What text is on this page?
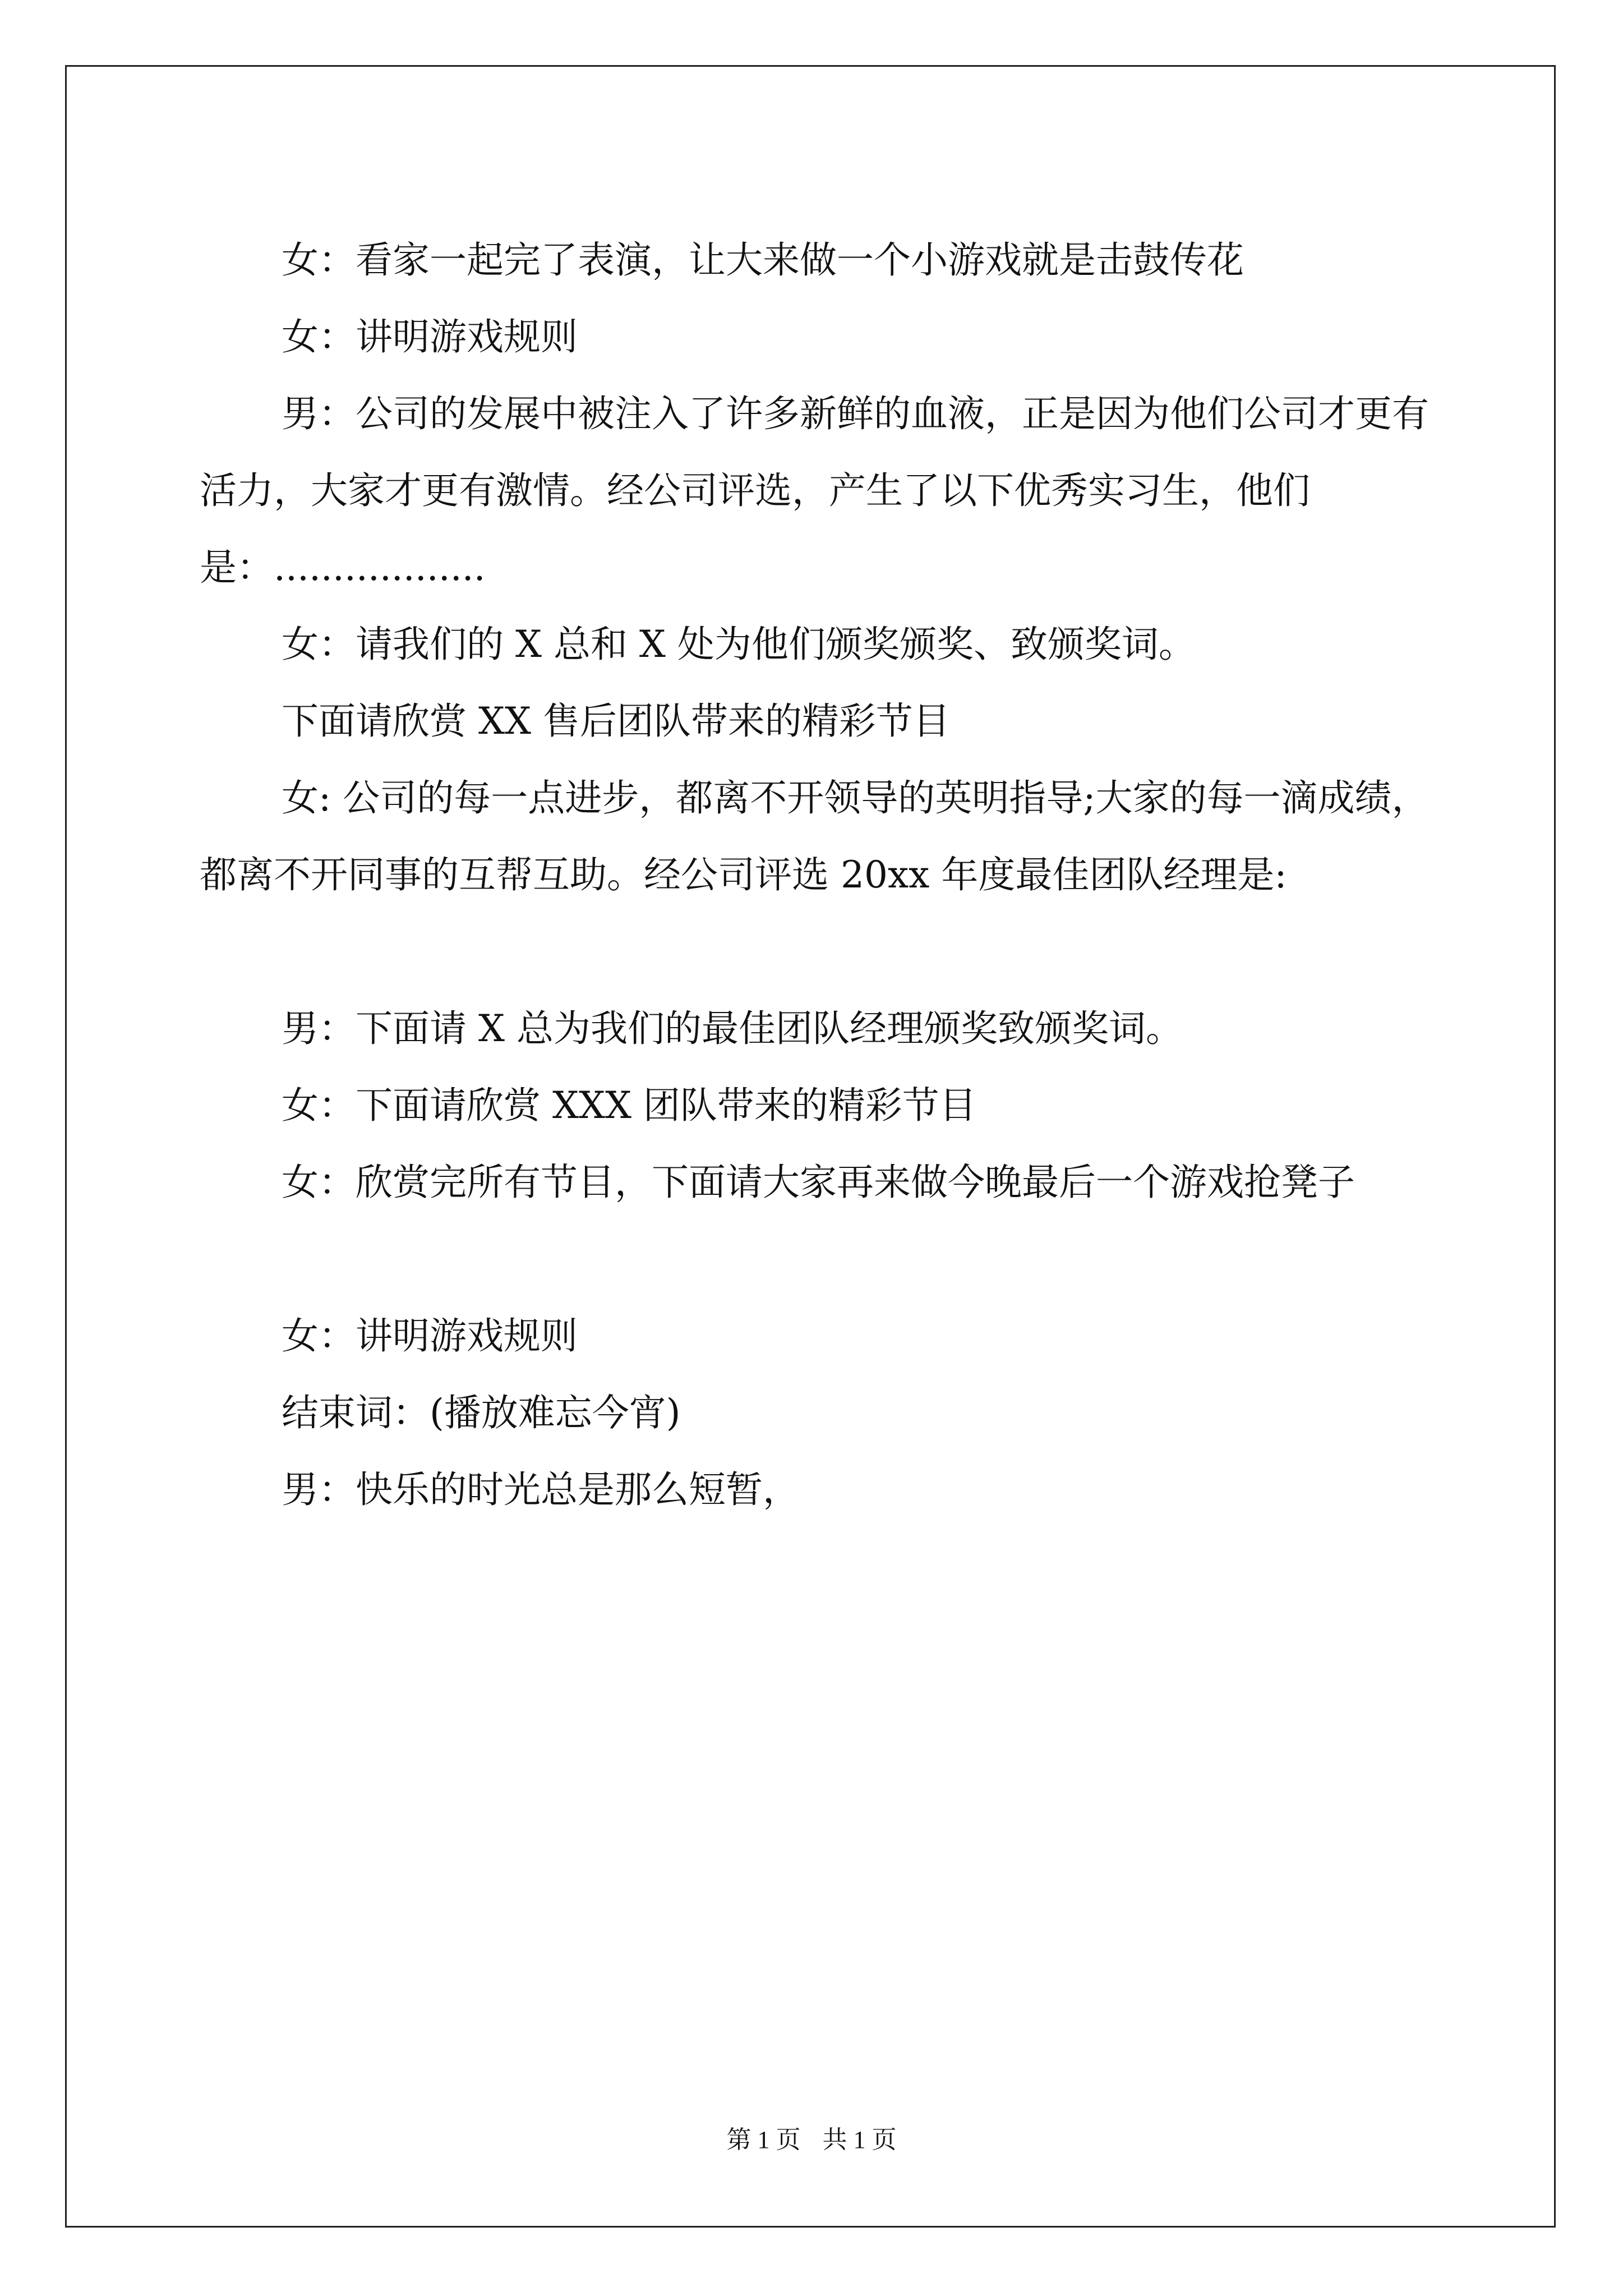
女：看家一起完了表演，让大来做一个小游戏就是击鼓传花

女：讲明游戏规则

男：公司的发展中被注入了许多新鲜的血液，正是因为他们公司才更有活力，大家才更有激情。经公司评选，产生了以下优秀实习生，他们是：..................

女：请我们的 X 总和 X 处为他们颁奖颁奖、致颁奖词。

下面请欣赏 XX 售后团队带来的精彩节目

女: 公司的每一点进步，都离不开领导的英明指导;大家的每一滴成绩，都离不开同事的互帮互助。经公司评选 20xx 年度最佳团队经理是:

男：下面请 X 总为我们的最佳团队经理颁奖致颁奖词。

女：下面请欣赏 XXX 团队带来的精彩节目

女：欣赏完所有节目，下面请大家再来做今晚最后一个游戏抢凳子

女：讲明游戏规则

结束词：(播放难忘今宵)

男：快乐的时光总是那么短暂，

第 1 页 共 1 页
